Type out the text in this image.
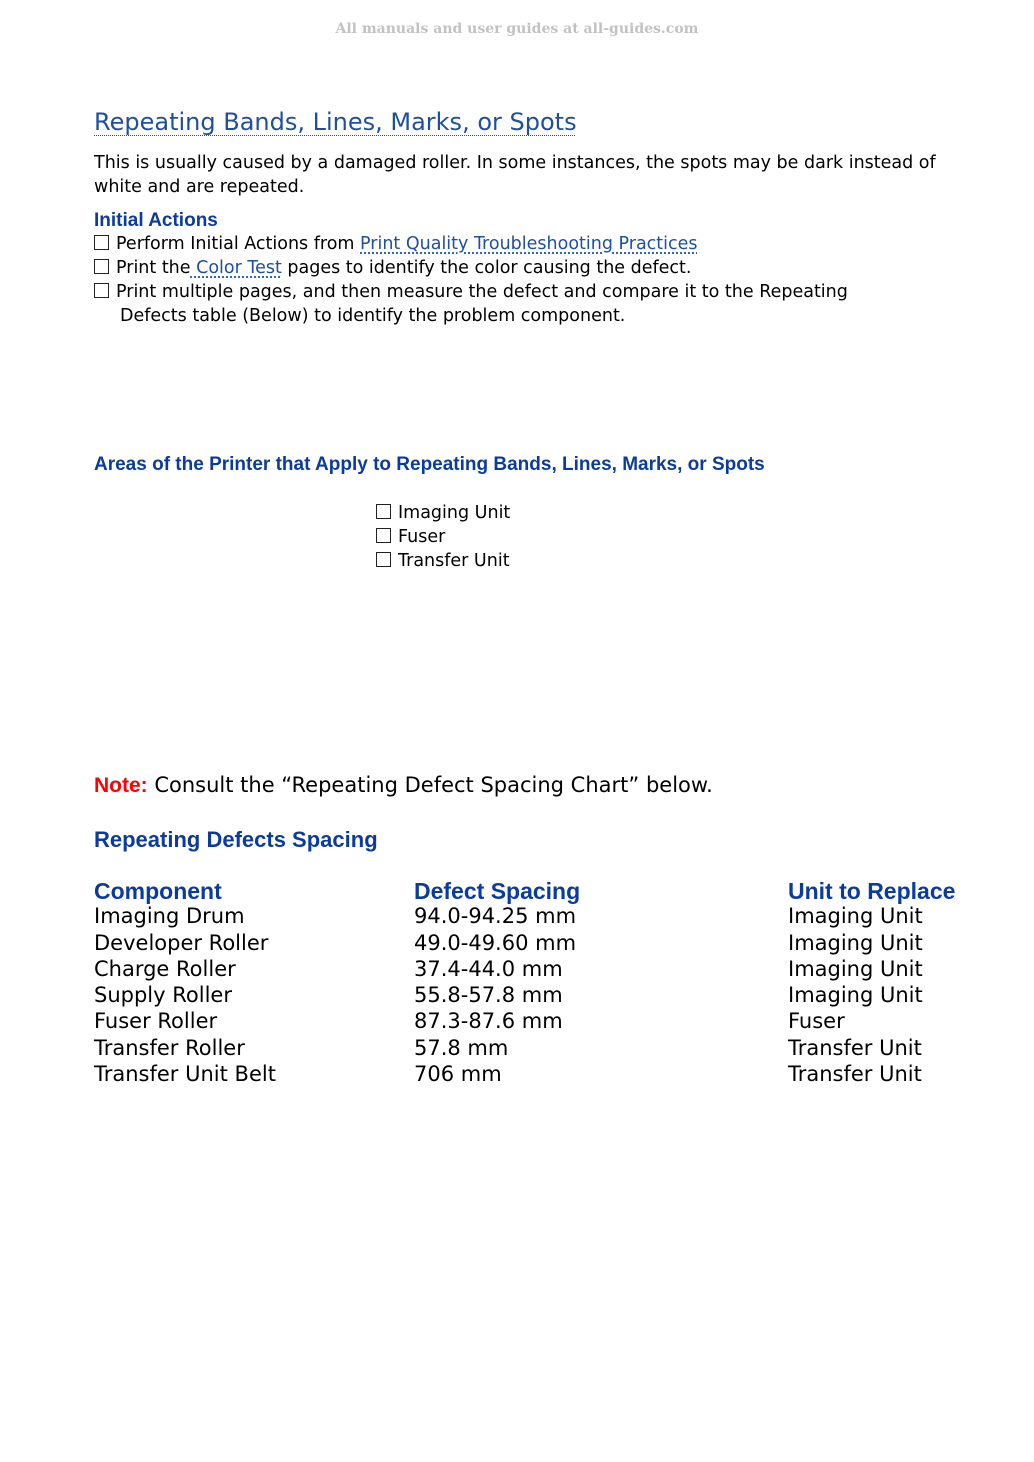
All manuals and user guides at all-guides.com

Repeating Bands, Lines, Marks, or Spots

This is usually caused by a damaged roller. In some instances, the spots may be dark instead of white and are repeated.

Initial Actions
Perform Initial Actions from Print Quality Troubleshooting Practices
Print the Color Test pages to identify the color causing the defect.
Print multiple pages, and then measure the defect and compare it to the Repeating
Defects table (Below) to identify the problem component.
Areas of the Printer that Apply to Repeating Bands, Lines, Marks, or Spots
Imaging Unit
Fuser
Transfer Unit

Note: Consult the “Repeating Defect Spacing Chart” below.

Repeating Defects Spacing
Component	Defect Spacing	Unit to Replace
Imaging Drum	94.0-94.25 mm	Imaging Unit
Developer Roller	49.0-49.60 mm	Imaging Unit
Charge Roller	37.4-44.0 mm	Imaging Unit
Supply Roller	55.8-57.8 mm	Imaging Unit
Fuser Roller	87.3-87.6 mm	Fuser
Transfer Roller	57.8 mm	Transfer Unit
Transfer Unit Belt	706 mm	Transfer Unit
